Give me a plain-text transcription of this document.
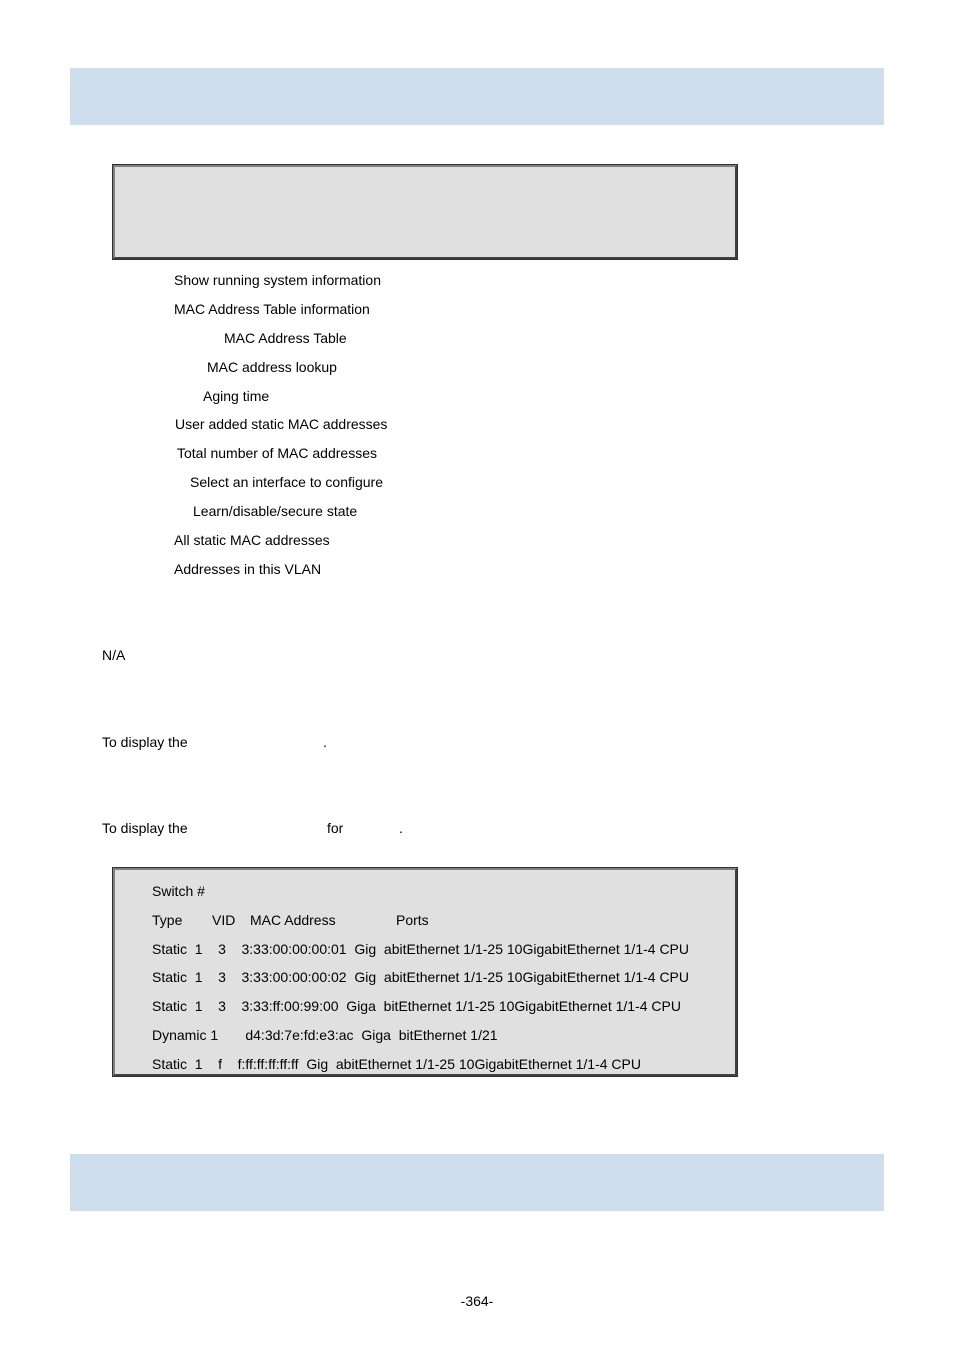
Show running system information
MAC Address Table information
MAC Address Table
MAC address lookup
Aging time
User added static MAC addresses
Total number of MAC addresses
Select an interface to configure
Learn/disable/secure state
All static MAC addresses
Addresses in this VLAN
N/A
To display the	.
To display the	for	.
Switch #
Type VID MAC Address	Ports
Static  1    3    3:33:00:00:00:01  Gig  abitEthernet 1/1-25 10GigabitEthernet 1/1-4 CPU
Static  1    3    3:33:00:00:00:02  Gig  abitEthernet 1/1-25 10GigabitEthernet 1/1-4 CPU
Static  1    3    3:33:ff:00:99:00  Giga  bitEthernet 1/1-25 10GigabitEthernet 1/1-4 CPU
Dynamic 1       d4:3d:7e:fd:e3:ac  Giga  bitEthernet 1/21
Static  1    f    f:ff:ff:ff:ff:ff  Gig  abitEthernet 1/1-25 10GigabitEthernet 1/1-4 CPU
-364-
